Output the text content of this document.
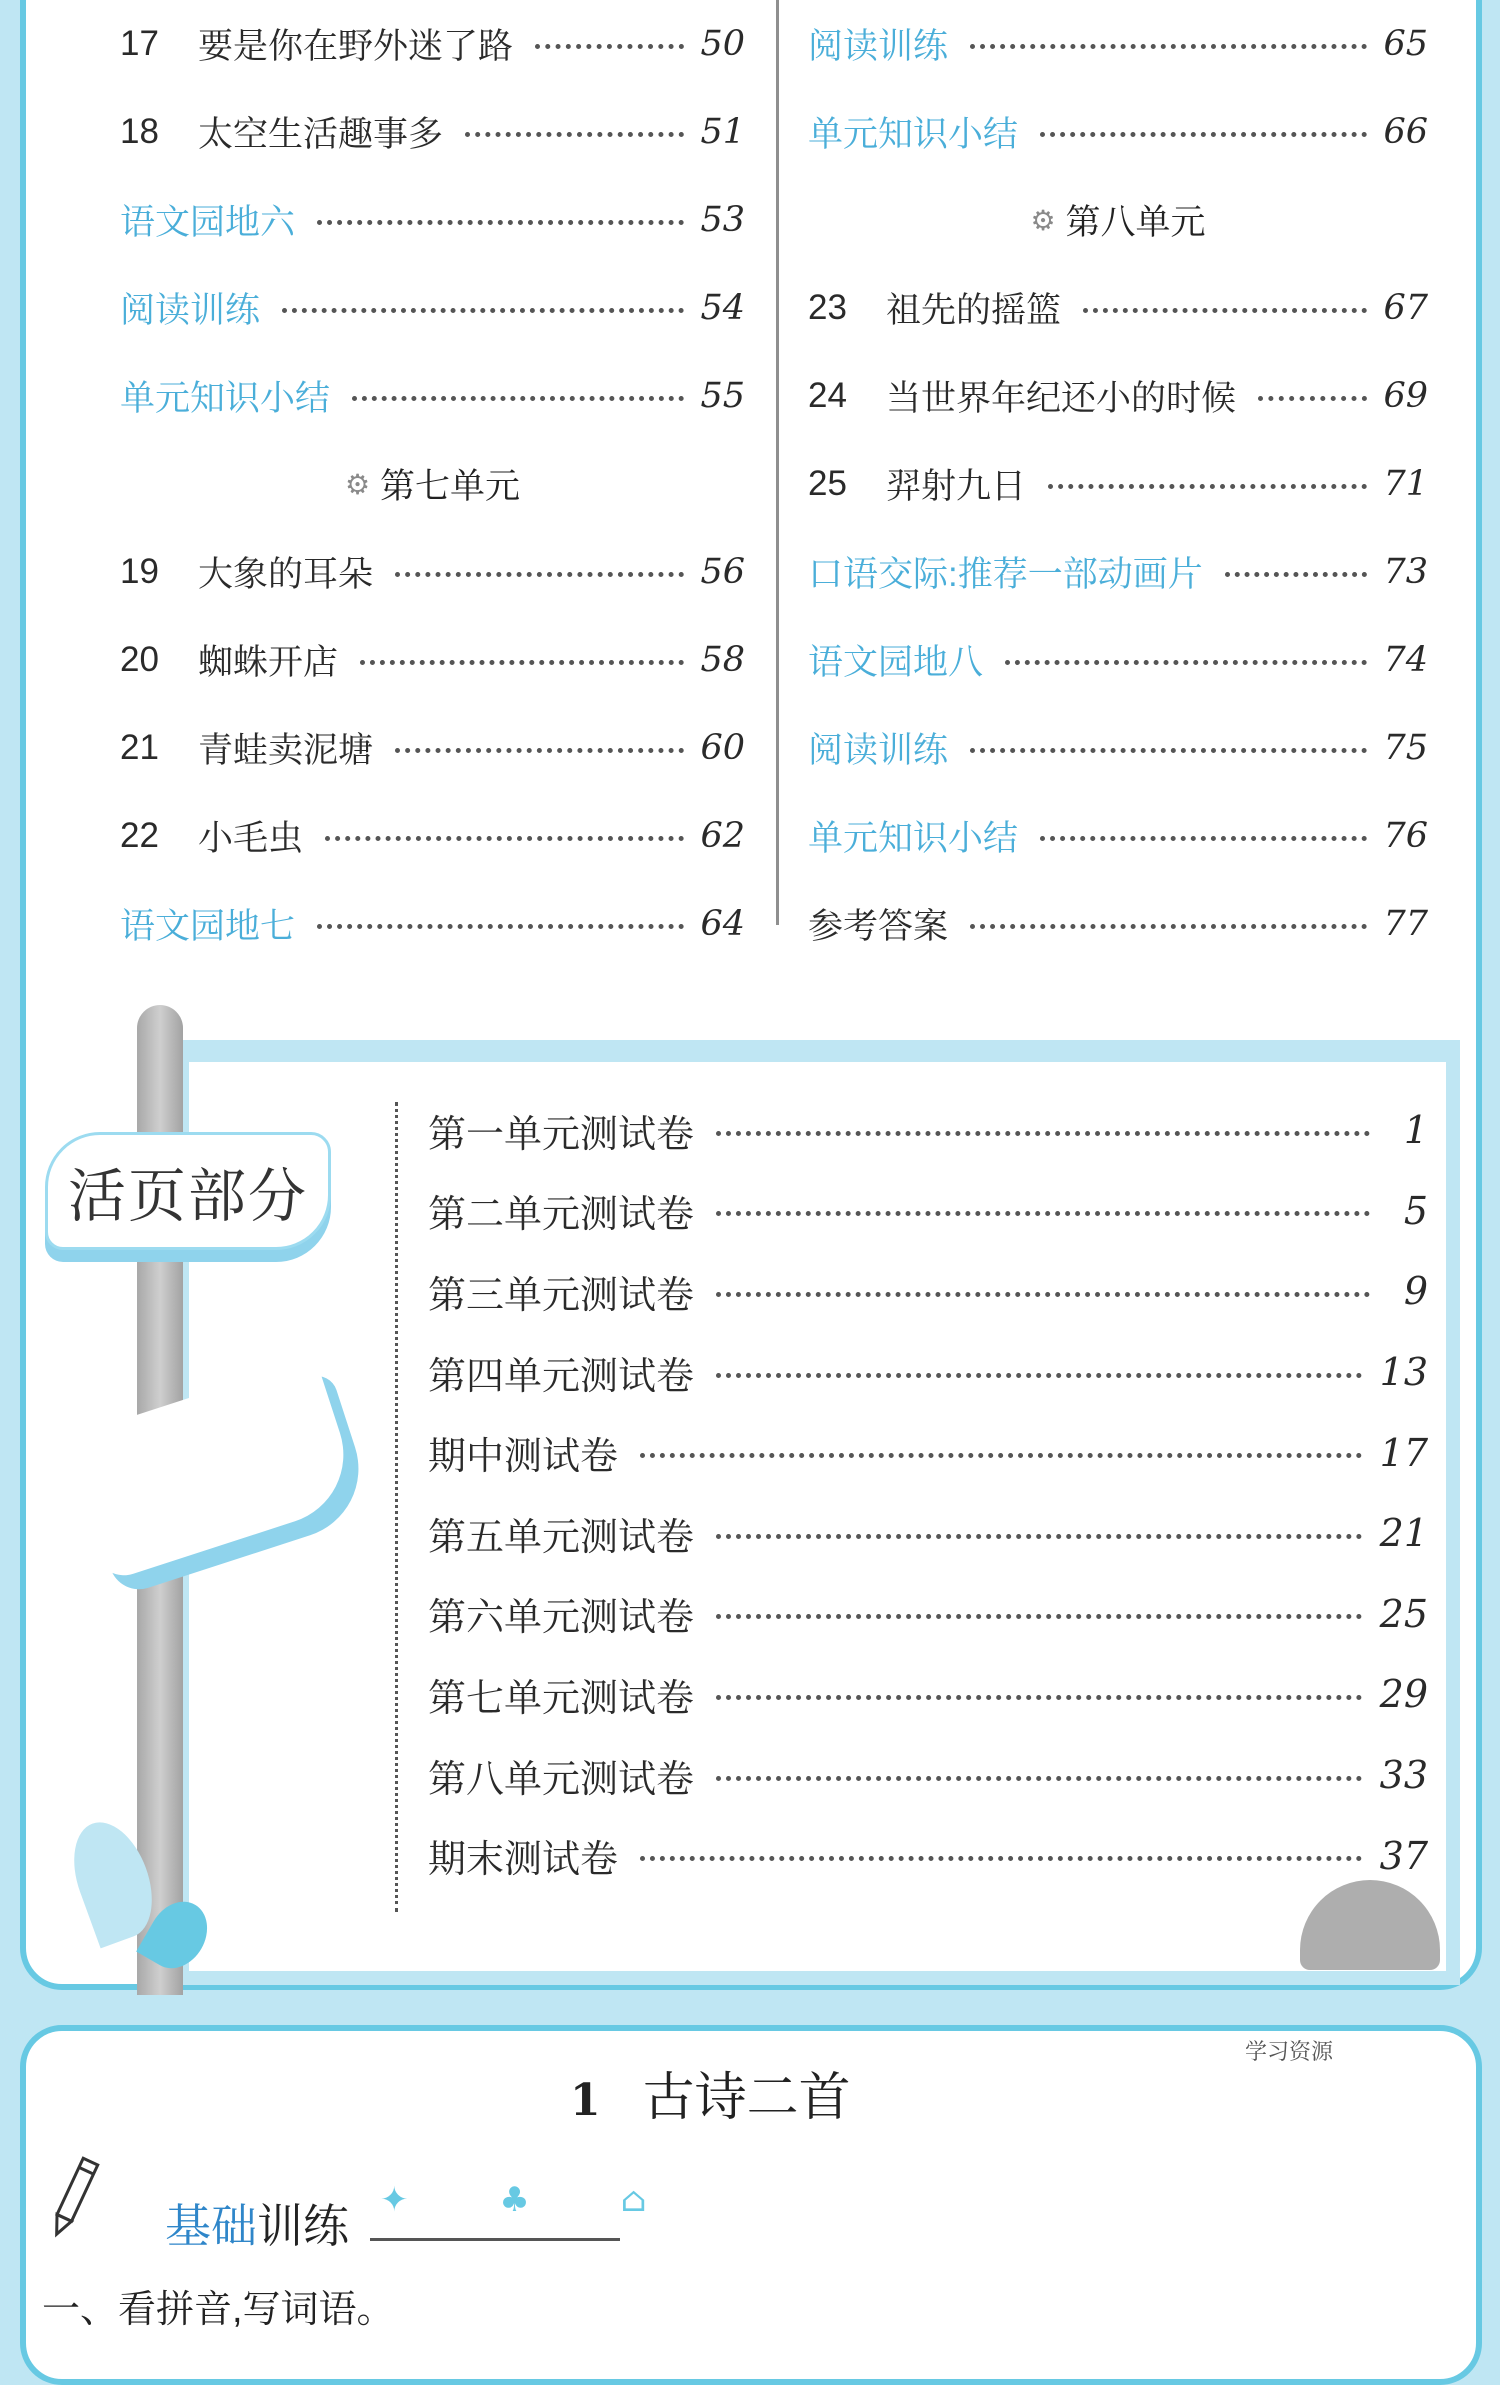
17	要是你在野外迷了路	50
18	太空生活趣事多	51
语文园地六	53
阅读训练	54
单元知识小结	55
⚙ 第七单元
19	大象的耳朵	56
20	蜘蛛开店	58
21	青蛙卖泥塘	60
22	小毛虫	62
语文园地七	64
阅读训练	65
单元知识小结	66
⚙ 第八单元
23	祖先的摇篮	67
24	当世界年纪还小的时候	69
25	羿射九日	71
口语交际:推荐一部动画片	73
语文园地八	74
阅读训练	75
单元知识小结	76
参考答案	77
活页部分
第一单元测试卷	1
第二单元测试卷	5
第三单元测试卷	9
第四单元测试卷	13
期中测试卷	17
第五单元测试卷	21
第六单元测试卷	25
第七单元测试卷	29
第八单元测试卷	33
期末测试卷	37
学习资源
1 古诗二首
基础训练 ✦ ♣ ⌂
一、看拼音,写词语。
